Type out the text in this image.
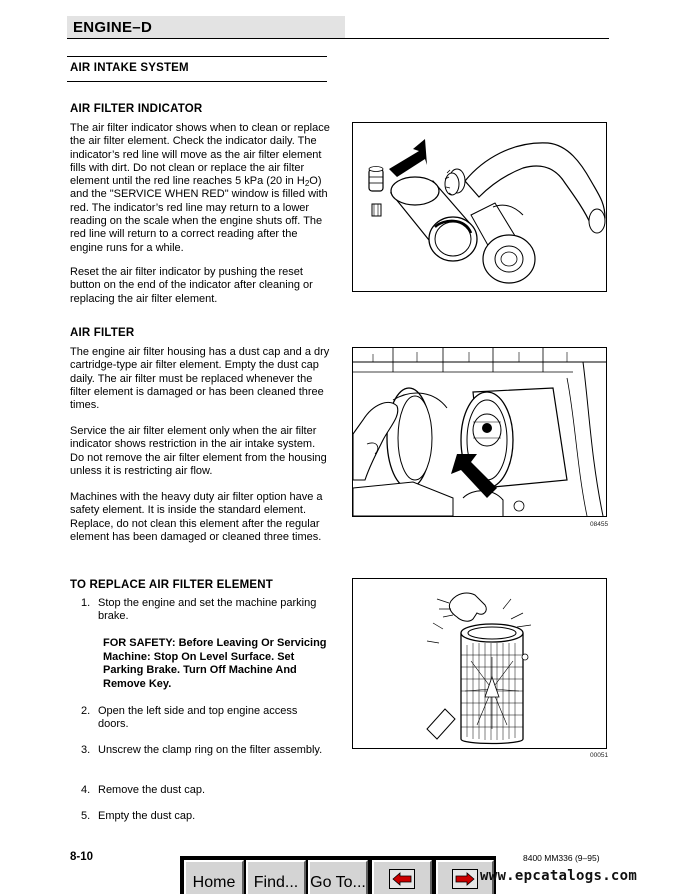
ENGINE–D
AIR INTAKE SYSTEM
AIR FILTER INDICATOR
The air filter indicator shows when to clean or replace the air filter element. Check the indicator daily. The indicator’s red line will move as the air filter element fills with dirt. Do not clean or replace the air filter element until the red line reaches 5 kPa (20 in $H_2O$) and the "SERVICE WHEN RED" window is filled with red. The indicator’s red line may return to a lower reading on the scale when the engine shuts off. The red line will return to a correct reading after the engine runs for a while.
Reset the air filter indicator by pushing the reset button on the end of the indicator after cleaning or replacing the air filter element.
AIR FILTER
The engine air filter housing has a dust cap and a dry cartridge-type air filter element. Empty the dust cap daily. The air filter must be replaced whenever the filter element is damaged or has been cleaned three times.
Service the air filter element only when the air filter indicator shows restriction in the air intake system. Do not remove the air filter element from the housing unless it is restricting air flow.
Machines with the heavy duty air filter option have a safety element. It is inside the standard element. Replace, do not clean this element after the regular element has been damaged or cleaned three times.
08455
TO REPLACE AIR FILTER ELEMENT
1. Stop the engine and set the machine parking brake.
FOR SAFETY: Before Leaving Or Servicing Machine: Stop On Level Surface. Set Parking Brake. Turn Off Machine And Remove Key.
2. Open the left side and top engine access doors.
3. Unscrew the clamp ring on the filter assembly.
4. Remove the dust cap.
5. Empty the dust cap.
00051
8-10	8400 MM336 (9–95)
Home	Find... Go To...	www.epcatalogs.com
